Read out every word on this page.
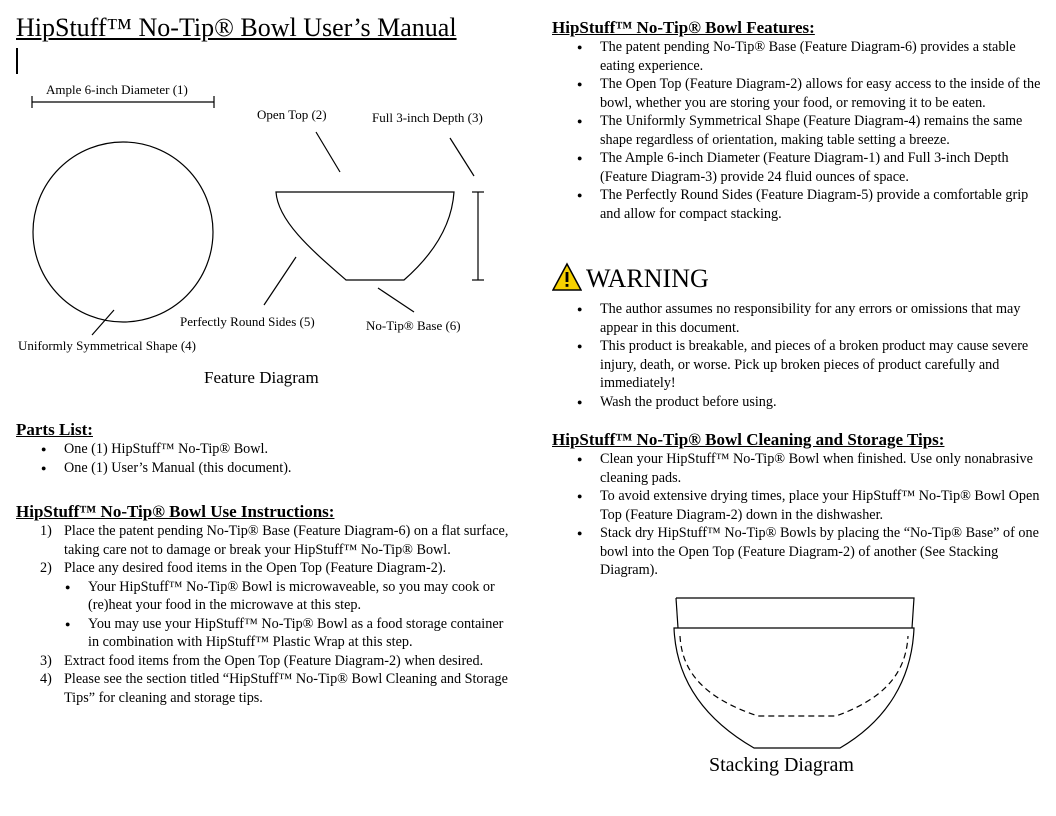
HipStuff™ No-Tip® Bowl User’s Manual
Ample 6-inch Diameter (1)
Open Top (2)	Full 3-inch Depth (3)
Perfectly Round Sides (5)	No-Tip® Base (6)
Uniformly Symmetrical Shape (4)
Feature Diagram
Parts List:
● One (1) HipStuff™ No-Tip® Bowl.
● One (1) User’s Manual (this document).
HipStuff™ No-Tip® Bowl Use Instructions:
1) Place the patent pending No-Tip® Base (Feature Diagram-6) on a flat surface, taking care not to damage or break your HipStuff™ No-Tip® Bowl.
2) Place any desired food items in the Open Top (Feature Diagram-2).
● Your HipStuff™ No-Tip® Bowl is microwaveable, so you may cook or (re)heat your food in the microwave at this step.
● You may use your HipStuff™ No-Tip® Bowl as a food storage container in combination with HipStuff™ Plastic Wrap at this step.
3) Extract food items from the Open Top (Feature Diagram-2) when desired.
4) Please see the section titled “HipStuff™ No-Tip® Bowl Cleaning and Storage Tips” for cleaning and storage tips.
HipStuff™ No-Tip® Bowl Features:
● The patent pending No-Tip® Base (Feature Diagram-6) provides a stable eating experience.
● The Open Top (Feature Diagram-2) allows for easy access to the inside of the bowl, whether you are storing your food, or removing it to be eaten.
● The Uniformly Symmetrical Shape (Feature Diagram-4) remains the same shape regardless of orientation, making table setting a breeze.
● The Ample 6-inch Diameter (Feature Diagram-1) and Full 3-inch Depth (Feature Diagram-3) provide 24 fluid ounces of space.
● The Perfectly Round Sides (Feature Diagram-5) provide a comfortable grip and allow for compact stacking.
WARNING
● The author assumes no responsibility for any errors or omissions that may appear in this document.
● This product is breakable, and pieces of a broken product may cause severe injury, death, or worse. Pick up broken pieces of product carefully and immediately!
● Wash the product before using.
HipStuff™ No-Tip® Bowl Cleaning and Storage Tips:
● Clean your HipStuff™ No-Tip® Bowl when finished. Use only nonabrasive cleaning pads.
● To avoid extensive drying times, place your HipStuff™ No-Tip® Bowl Open Top (Feature Diagram-2) down in the dishwasher.
● Stack dry HipStuff™ No-Tip® Bowls by placing the “No-Tip® Base” of one bowl into the Open Top (Feature Diagram-2) of another (See Stacking Diagram).
Stacking Diagram
